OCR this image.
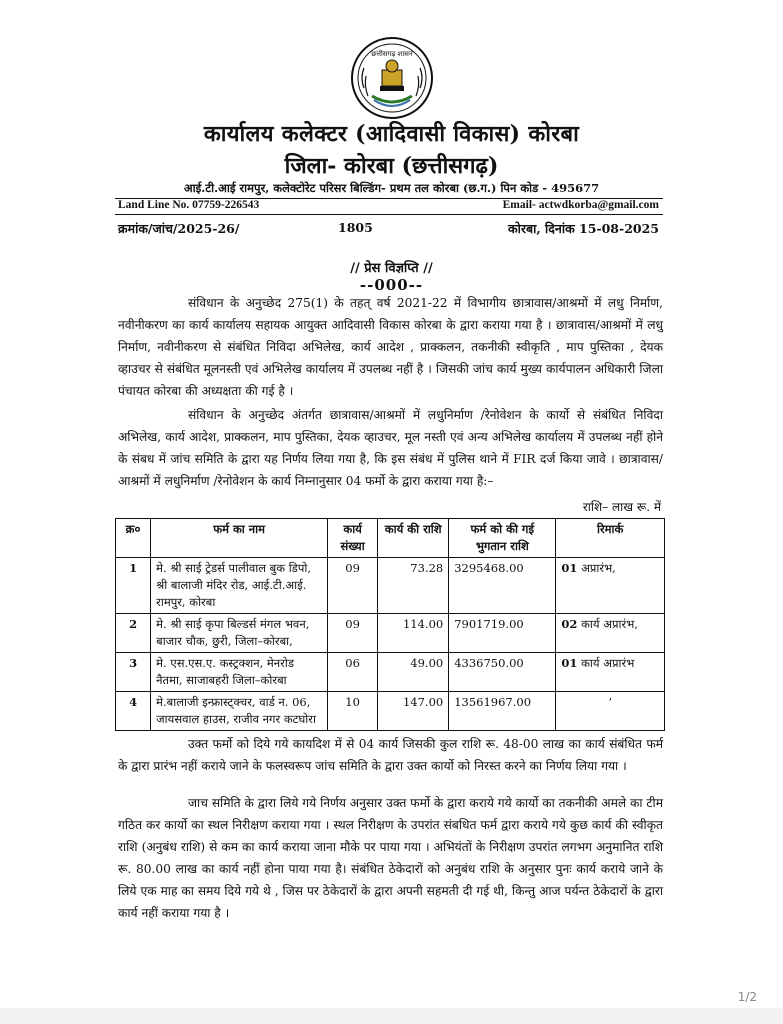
छत्तीसगढ़ शासन
कार्यालय कलेक्टर (आदिवासी विकास) कोरबा
जिला- कोरबा (छत्तीसगढ़)
आई.टी.आई रामपुर, कलेक्टोरेट परिसर बिल्डिंग- प्रथम तल कोरबा (छ.ग.) पिन कोड - 495677
Land Line No. 07759-226543	Email- actwdkorba@gmail.com
क्रमांक/जांच/2025-26/	1805	कोरबा, दिनांक 15-08-2025
// प्रेस विज्ञप्ति //
--000--
संविधान के अनुच्छेद 275(1) के तहत् वर्ष 2021-22 में विभागीय छात्रावास/आश्रमों में लधु निर्माण, नवीनीकरण का कार्य कार्यालय सहायक आयुक्त आदिवासी विकास कोरबा के द्वारा कराया गया है । छात्रावास/आश्रमों में लधु निर्माण, नवीनीकरण से संबंधित निविदा अभिलेख, कार्य आदेश , प्राक्कलन, तकनीकी स्वीकृति , माप पुस्तिका , देयक व्हाउचर से संबंधित मूलनस्ती एवं अभिलेख कार्यालय में उपलब्ध नहीं है । जिसकी जांच कार्य मुख्य कार्यपालन अधिकारी जिला पंचायत कोरबा की अध्यक्षता की गई है ।
संविधान के अनुच्छेद अंतर्गत छात्रावास/आश्रमों में लधुनिर्माण /रेनोवेशन के कार्यो से संबंधित निविदा अभिलेख, कार्य आदेश, प्राक्कलन, माप पुस्तिका, देयक व्हाउचर, मूल नस्ती एवं अन्य अभिलेख कार्यालय में उपलब्ध नहीं होने के संबध में जांच समिति के द्वारा यह निर्णय लिया गया है, कि इस संबंध में पुलिस थाने में FIR दर्ज किया जावे । छात्रावास/आश्रमों में लधुनिर्माण /रेनोवेशन के कार्य निम्नानुसार 04 फर्मो के द्वारा कराया गया है:–
राशि– लाख रू. में
क्र०	फर्म का नाम	कार्य संख्या	कार्य की राशि	फर्म को की गई भुगतान राशि	रिमार्क
1	मे. श्री साई ट्रेडर्स पालीवाल बुक डिपो, श्री बालाजी मंदिर रोड, आई.टी.आई. रामपुर, कोरबा	09	73.28	3295468.00	01 अप्रारंभ,
2	मे. श्री साई कृपा बिल्डर्स मंगल भवन, बाजार चौक, छुरी, जिला–कोरबा,	09	114.00	7901719.00	02 कार्य अप्रारंभ,
3	मे. एस.एस.ए. कस्ट्रक्शन, मेनरोड नैतमा, साजाबहरी जिला–कोरबा	06	49.00	4336750.00	01 कार्य अप्रारंभ
4	मे.बालाजी इन्फ्रास्ट्क्चर, वार्ड न. 06, जायसवाल हाउस, राजीव नगर कटघोरा	10	147.00	13561967.00	’
उक्त फर्मो को दिये गये कायदिश में से 04 कार्य जिसकी कुल राशि रू. 48-00 लाख का कार्य संबंधित फर्म के द्वारा प्रारंभ नहीं कराये जाने के फलस्वरूप जांच समिति के द्वारा उक्त कार्यो को निरस्त करने का निर्णय लिया गया ।
जाच समिति के द्वारा लिये गये निर्णय अनुसार उक्त फर्मो के द्वारा कराये गये कार्यो का तकनीकी अमले का टीम गठित कर कार्यो का स्थल निरीक्षण कराया गया । स्थल निरीक्षण के उपरांत संबधित फर्म द्वारा कराये गये कुछ कार्य की स्वीकृत राशि (अनुबंध राशि) से कम का कार्य कराया जाना मौके पर पाया गया । अभियंतों के निरीक्षण उपरांत लगभग अनुमानित राशि रू. 80.00 लाख का कार्य नहीं होना पाया गया है। संबंधित ठेकेदारों को अनुबंध राशि के अनुसार पुनः कार्य कराये जाने के लिये एक माह का समय दिये गये थे , जिस पर ठेकेदारों के द्वारा अपनी सहमती दी गई थी, किन्तु आज पर्यन्त ठेकेदारों के द्वारा कार्य नहीं कराया गया है ।
1/2
